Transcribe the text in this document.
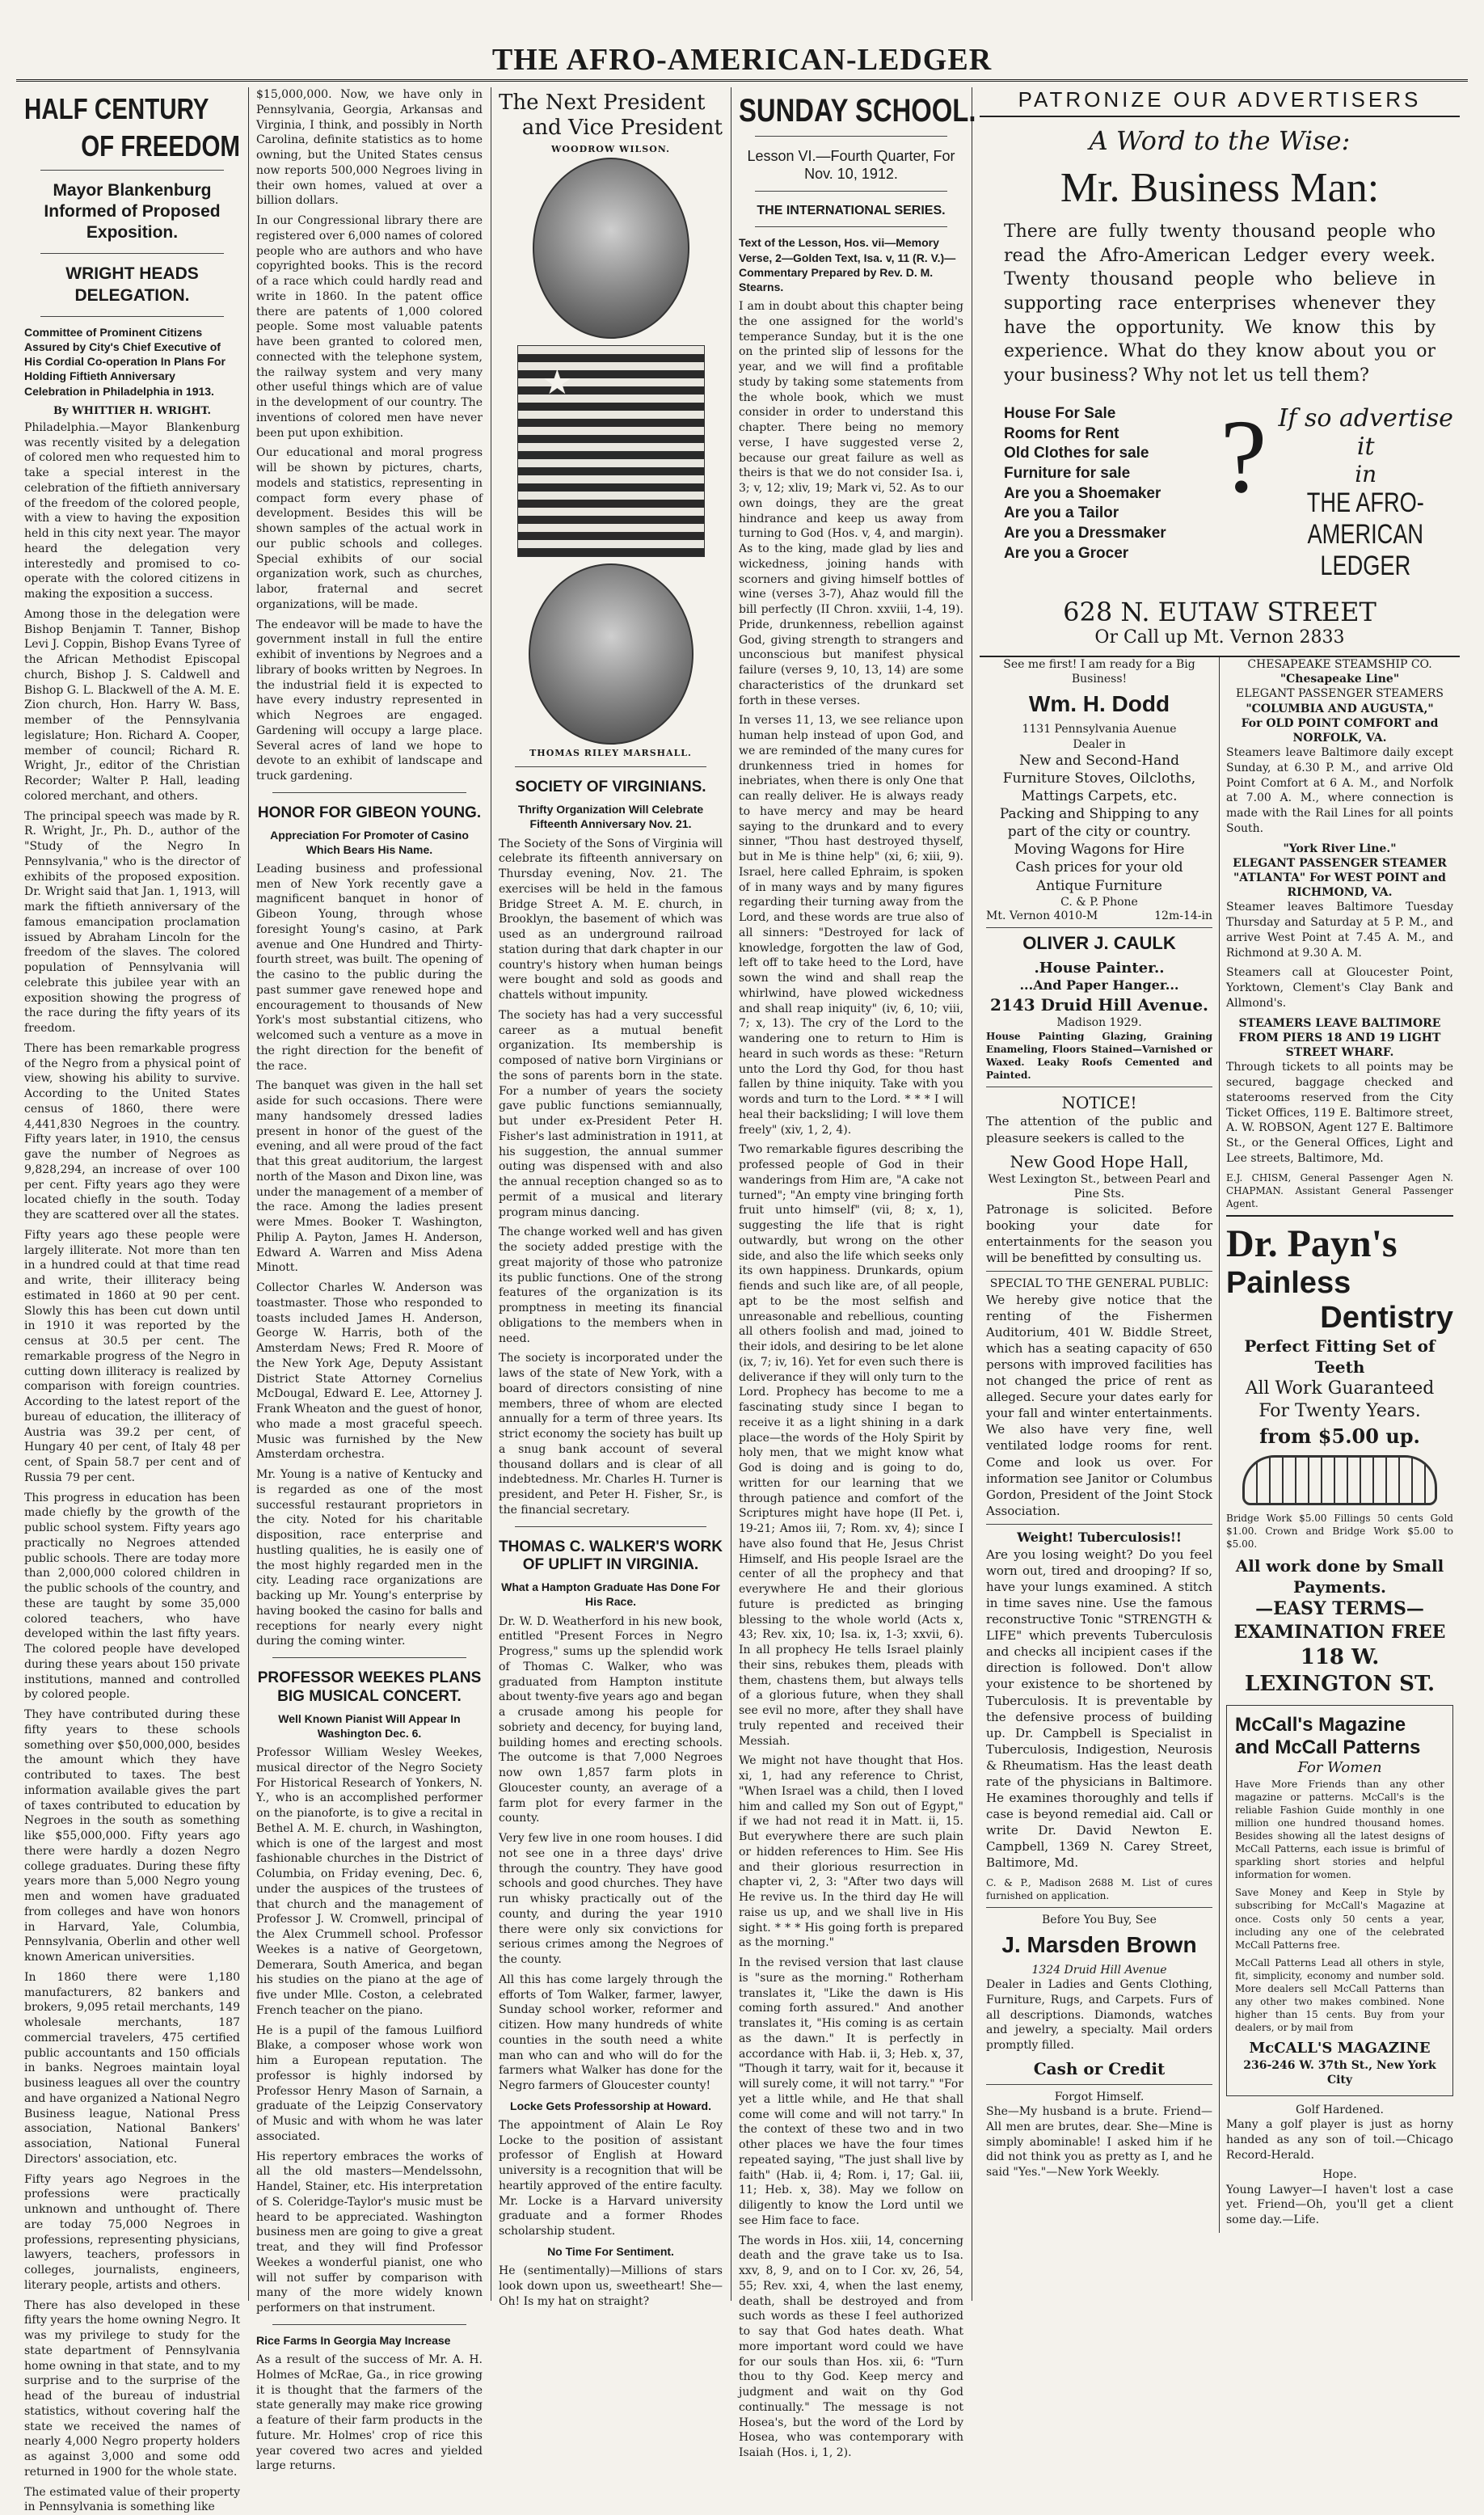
THE AFRO-AMERICAN-LEDGER
HALF CENTURY
OF FREEDOM
Mayor Blankenburg Informed of Proposed Exposition.
WRIGHT HEADS DELEGATION.
Committee of Prominent Citizens Assured by City's Chief Executive of His Cordial Co-operation In Plans For Holding Fiftieth Anniversary Celebration in Philadelphia in 1913.
By WHITTIER H. WRIGHT.

Philadelphia.—Mayor Blankenburg was recently visited by a delegation of colored men who requested him to take a special interest in the celebration of the fiftieth anniversary of the freedom of the colored people, with a view to having the exposition held in this city next year. The mayor heard the delegation very interestedly and promised to co-operate with the colored citizens in making the exposition a success.

Among those in the delegation were Bishop Benjamin T. Tanner, Bishop Levi J. Coppin, Bishop Evans Tyree of the African Methodist Episcopal church, Bishop J. S. Caldwell and Bishop G. L. Blackwell of the A. M. E. Zion church, Hon. Harry W. Bass, member of the Pennsylvania legislature; Hon. Richard A. Cooper, member of council; Richard R. Wright, Jr., editor of the Christian Recorder; Walter P. Hall, leading colored merchant, and others.

The principal speech was made by R. R. Wright, Jr., Ph. D., author of the "Study of the Negro In Pennsylvania," who is the director of exhibits of the proposed exposition. Dr. Wright said that Jan. 1, 1913, will mark the fiftieth anniversary of the famous emancipation proclamation issued by Abraham Lincoln for the freedom of the slaves. The colored population of Pennsylvania will celebrate this jubilee year with an exposition showing the progress of the race during the fifty years of its freedom.

There has been remarkable progress of the Negro from a physical point of view, showing his ability to survive. According to the United States census of 1860, there were 4,441,830 Negroes in the country. Fifty years later, in 1910, the census gave the number of Negroes as 9,828,294, an increase of over 100 per cent. Fifty years ago they were located chiefly in the south. Today they are scattered over all the states.

Fifty years ago these people were largely illiterate. Not more than ten in a hundred could at that time read and write, their illiteracy being estimated in 1860 at 90 per cent. Slowly this has been cut down until in 1910 it was reported by the census at 30.5 per cent. The remarkable progress of the Negro in cutting down illiteracy is realized by comparison with foreign countries. According to the latest report of the bureau of education, the illiteracy of Austria was 39.2 per cent, of Hungary 40 per cent, of Italy 48 per cent, of Spain 58.7 per cent and of Russia 79 per cent.

This progress in education has been made chiefly by the growth of the public school system. Fifty years ago practically no Negroes attended public schools. There are today more than 2,000,000 colored children in the public schools of the country, and these are taught by some 35,000 colored teachers, who have developed within the last fifty years. The colored people have developed during these years about 150 private institutions, manned and controlled by colored people.

They have contributed during these fifty years to these schools something over $50,000,000, besides the amount which they have contributed to taxes. The best information available gives the part of taxes contributed to education by Negroes in the south as something like $55,000,000. Fifty years ago there were hardly a dozen Negro college graduates. During these fifty years more than 5,000 Negro young men and women have graduated from colleges and have won honors in Harvard, Yale, Columbia, Pennsylvania, Oberlin and other well known American universities.

In 1860 there were 1,180 manufacturers, 82 bankers and brokers, 9,095 retail merchants, 149 wholesale merchants, 187 commercial travelers, 475 certified public accountants and 150 officials in banks. Negroes maintain loyal business leagues all over the country and have organized a National Negro Business league, National Press association, National Bankers' association, National Funeral Directors' association, etc.

Fifty years ago Negroes in the professions were practically unknown and unthought of. There are today 75,000 Negroes in professions, representing physicians, lawyers, teachers, professors in colleges, journalists, engineers, literary people, artists and others.

There has also developed in these fifty years the home owning Negro. It was my privilege to study for the state department of Pennsylvania home owning in that state, and to my surprise and to the surprise of the head of the bureau of industrial statistics, without covering half the state we received the names of nearly 4,000 Negro property holders as against 3,000 and some odd returned in 1900 for the whole state.

The estimated value of their property in Pennsylvania is something like

$15,000,000. Now, we have only in Pennsylvania, Georgia, Arkansas and Virginia, I think, and possibly in North Carolina, definite statistics as to home owning, but the United States census now reports 500,000 Negroes living in their own homes, valued at over a billion dollars.

In our Congressional library there are registered over 6,000 names of colored people who are authors and who have copyrighted books. This is the record of a race which could hardly read and write in 1860. In the patent office there are patents of 1,000 colored people. Some most valuable patents have been granted to colored men, connected with the telephone system, the railway system and very many other useful things which are of value in the development of our country. The inventions of colored men have never been put upon exhibition.

Our educational and moral progress will be shown by pictures, charts, models and statistics, representing in compact form every phase of development. Besides this will be shown samples of the actual work in our public schools and colleges. Special exhibits of our social organization work, such as churches, labor, fraternal and secret organizations, will be made.

The endeavor will be made to have the government install in full the entire exhibit of inventions by Negroes and a library of books written by Negroes. In the industrial field it is expected to have every industry represented in which Negroes are engaged. Gardening will occupy a large place. Several acres of land we hope to devote to an exhibit of landscape and truck gardening.

HONOR FOR GIBEON YOUNG.
Appreciation For Promoter of Casino Which Bears His Name.

Leading business and professional men of New York recently gave a magnificent banquet in honor of Gibeon Young, through whose foresight Young's casino, at Park avenue and One Hundred and Thirty-fourth street, was built. The opening of the casino to the public during the past summer gave renewed hope and encouragement to thousands of New York's most substantial citizens, who welcomed such a venture as a move in the right direction for the benefit of the race.

The banquet was given in the hall set aside for such occasions. There were many handsomely dressed ladies present in honor of the guest of the evening, and all were proud of the fact that this great auditorium, the largest north of the Mason and Dixon line, was under the management of a member of the race. Among the ladies present were Mmes. Booker T. Washington, Philip A. Payton, James H. Anderson, Edward A. Warren and Miss Adena Minott.

Collector Charles W. Anderson was toastmaster. Those who responded to toasts included James H. Anderson, George W. Harris, both of the Amsterdam News; Fred R. Moore of the New York Age, Deputy Assistant District State Attorney Cornelius McDougal, Edward E. Lee, Attorney J. Frank Wheaton and the guest of honor, who made a most graceful speech. Music was furnished by the New Amsterdam orchestra.

Mr. Young is a native of Kentucky and is regarded as one of the most successful restaurant proprietors in the city. Noted for his charitable disposition, race enterprise and hustling qualities, he is easily one of the most highly regarded men in the city. Leading race organizations are backing up Mr. Young's enterprise by having booked the casino for balls and receptions for nearly every night during the coming winter.

PROFESSOR WEEKES PLANS BIG MUSICAL CONCERT.
Well Known Pianist Will Appear In Washington Dec. 6.

Professor William Wesley Weekes, musical director of the Negro Society For Historical Research of Yonkers, N. Y., who is an accomplished performer on the pianoforte, is to give a recital in Bethel A. M. E. church, in Washington, which is one of the largest and most fashionable churches in the District of Columbia, on Friday evening, Dec. 6, under the auspices of the trustees of that church and the management of Professor J. W. Cromwell, principal of the Alex Crummell school. Professor Weekes is a native of Georgetown, Demerara, South America, and began his studies on the piano at the age of five under Mlle. Coston, a celebrated French teacher on the piano.

He is a pupil of the famous Luilfiord Blake, a composer whose work won him a European reputation. The professor is highly indorsed by Professor Henry Mason of Sarnain, a graduate of the Leipzig Conservatory of Music and with whom he was later associated.

His repertory embraces the works of all the old masters—Mendelssohn, Handel, Stainer, etc. His interpretation of S. Coleridge-Taylor's music must be heard to be appreciated. Washington business men are going to give a great treat, and they will find Professor Weekes a wonderful pianist, one who will not suffer by comparison with many of the more widely known performers on that instrument.

Rice Farms In Georgia May Increase

As a result of the success of Mr. A. H. Holmes of McRae, Ga., in rice growing it is thought that the farmers of the state generally may make rice growing a feature of their farm products in the future. Mr. Holmes' crop of rice this year covered two acres and yielded large returns.

The Next President
and Vice President
WOODROW WILSON.
★
THOMAS RILEY MARSHALL.
SOCIETY OF VIRGINIANS.
Thrifty Organization Will Celebrate Fifteenth Anniversary Nov. 21.

The Society of the Sons of Virginia will celebrate its fifteenth anniversary on Thursday evening, Nov. 21. The exercises will be held in the famous Bridge Street A. M. E. church, in Brooklyn, the basement of which was used as an underground railroad station during that dark chapter in our country's history when human beings were bought and sold as goods and chattels without impunity.

The society has had a very successful career as a mutual benefit organization. Its membership is composed of native born Virginians or the sons of parents born in the state. For a number of years the society gave public functions semiannually, but under ex-President Peter H. Fisher's last administration in 1911, at his suggestion, the annual summer outing was dispensed with and also the annual reception changed so as to permit of a musical and literary program minus dancing.

The change worked well and has given the society added prestige with the great majority of those who patronize its public functions. One of the strong features of the organization is its promptness in meeting its financial obligations to the members when in need.

The society is incorporated under the laws of the state of New York, with a board of directors consisting of nine members, three of whom are elected annually for a term of three years. Its strict economy the society has built up a snug bank account of several thousand dollars and is clear of all indebtedness. Mr. Charles H. Turner is president, and Peter H. Fisher, Sr., is the financial secretary.

THOMAS C. WALKER'S WORK OF UPLIFT IN VIRGINIA.
What a Hampton Graduate Has Done For His Race.

Dr. W. D. Weatherford in his new book, entitled "Present Forces in Negro Progress," sums up the splendid work of Thomas C. Walker, who was graduated from Hampton institute about twenty-five years ago and began a crusade among his people for sobriety and decency, for buying land, building homes and erecting schools. The outcome is that 7,000 Negroes now own 1,857 farm plots in Gloucester county, an average of a farm plot for every farmer in the county.

Very few live in one room houses. I did not see one in a three days' drive through the country. They have good schools and good churches. They have run whisky practically out of the county, and during the year 1910 there were only six convictions for serious crimes among the Negroes of the county.

All this has come largely through the efforts of Tom Walker, farmer, lawyer, Sunday school worker, reformer and citizen. How many hundreds of white counties in the south need a white man who can and who will do for the farmers what Walker has done for the Negro farmers of Gloucester county!

Locke Gets Professorship at Howard.

The appointment of Alain Le Roy Locke to the position of assistant professor of English at Howard university is a recognition that will be heartily approved of the entire faculty. Mr. Locke is a Harvard university graduate and a former Rhodes scholarship student.

No Time For Sentiment.

He (sentimentally)—Millions of stars look down upon us, sweetheart! She—Oh! Is my hat on straight?

SUNDAY SCHOOL.
Lesson VI.—Fourth Quarter, For Nov. 10, 1912.
THE INTERNATIONAL SERIES.
Text of the Lesson, Hos. vii—Memory Verse, 2—Golden Text, Isa. v, 11 (R. V.)—Commentary Prepared by Rev. D. M. Stearns.

I am in doubt about this chapter being the one assigned for the world's temperance Sunday, but it is the one on the printed slip of lessons for the year, and we will find a profitable study by taking some statements from the whole book, which we must consider in order to understand this chapter. There being no memory verse, I have suggested verse 2, because our great failure as well as theirs is that we do not consider Isa. i, 3; v, 12; xliv, 19; Mark vi, 52. As to our own doings, they are the great hindrance and keep us away from turning to God (Hos. v, 4, and margin). As to the king, made glad by lies and wickedness, joining hands with scorners and giving himself bottles of wine (verses 3-7), Ahaz would fill the bill perfectly (II Chron. xxviii, 1-4, 19). Pride, drunkenness, rebellion against God, giving strength to strangers and unconscious but manifest physical failure (verses 9, 10, 13, 14) are some characteristics of the drunkard set forth in these verses.

In verses 11, 13, we see reliance upon human help instead of upon God, and we are reminded of the many cures for drunkenness tried in homes for inebriates, when there is only One that can really deliver. He is always ready to have mercy and may be heard saying to the drunkard and to every sinner, "Thou hast destroyed thyself, but in Me is thine help" (xi, 6; xiii, 9). Israel, here called Ephraim, is spoken of in many ways and by many figures regarding their turning away from the Lord, and these words are true also of all sinners: "Destroyed for lack of knowledge, forgotten the law of God, left off to take heed to the Lord, have sown the wind and shall reap the whirlwind, have plowed wickedness and shall reap iniquity" (iv, 6, 10; viii, 7; x, 13). The cry of the Lord to the wandering one to return to Him is heard in such words as these: "Return unto the Lord thy God, for thou hast fallen by thine iniquity. Take with you words and turn to the Lord. * * * I will heal their backsliding; I will love them freely" (xiv, 1, 2, 4).

Two remarkable figures describing the professed people of God in their wanderings from Him are, "A cake not turned"; "An empty vine bringing forth fruit unto himself" (vii, 8; x, 1), suggesting the life that is right outwardly, but wrong on the other side, and also the life which seeks only its own happiness. Drunkards, opium fiends and such like are, of all people, apt to be the most selfish and unreasonable and rebellious, counting all others foolish and mad, joined to their idols, and desiring to be let alone (ix, 7; iv, 16). Yet for even such there is deliverance if they will only turn to the Lord. Prophecy has become to me a fascinating study since I began to receive it as a light shining in a dark place—the words of the Holy Spirit by holy men, that we might know what God is doing and is going to do, written for our learning that we through patience and comfort of the Scriptures might have hope (II Pet. i, 19-21; Amos iii, 7; Rom. xv, 4); since I have also found that He, Jesus Christ Himself, and His people Israel are the center of all the prophecy and that everywhere He and their glorious future is predicted as bringing blessing to the whole world (Acts x, 43; Rev. xix, 10; Isa. ix, 1-3; xxvii, 6). In all prophecy He tells Israel plainly their sins, rebukes them, pleads with them, chastens them, but always tells of a glorious future, when they shall see evil no more, after they shall have truly repented and received their Messiah.

We might not have thought that Hos. xi, 1, had any reference to Christ, "When Israel was a child, then I loved him and called my Son out of Egypt," if we had not read it in Matt. ii, 15. But everywhere there are such plain or hidden references to Him. See His and their glorious resurrection in chapter vi, 2, 3: "After two days will He revive us. In the third day He will raise us up, and we shall live in His sight. * * * His going forth is prepared as the morning."

In the revised version that last clause is "sure as the morning." Rotherham translates it, "Like the dawn is His coming forth assured." And another translates it, "His coming is as certain as the dawn." It is perfectly in accordance with Hab. ii, 3; Heb. x, 37, "Though it tarry, wait for it, because it will surely come, it will not tarry." "For yet a little while, and He that shall come will come and will not tarry." In the context of these two and in two other places we have the four times repeated saying, "The just shall live by faith" (Hab. ii, 4; Rom. i, 17; Gal. iii, 11; Heb. x, 38). May we follow on diligently to know the Lord until we see Him face to face.

The words in Hos. xiii, 14, concerning death and the grave take us to Isa. xxv, 8, 9, and on to I Cor. xv, 26, 54, 55; Rev. xxi, 4, when the last enemy, death, shall be destroyed and from such words as these I feel authorized to say that God hates death. What more important word could we have for our souls than Hos. xii, 6: "Turn thou to thy God. Keep mercy and judgment and wait on thy God continually." The message is not Hosea's, but the word of the Lord by Hosea, who was contemporary with Isaiah (Hos. i, 1, 2).

PATRONIZE OUR ADVERTISERS
A Word to the Wise:
Mr. Business Man:
There are fully twenty thousand people who read the Afro-American Ledger every week. Twenty thousand people who believe in supporting race enterprises whenever they have the opportunity. We know this by experience. What do they know about you or your business? Why not let us tell them?
House For Sale
Rooms for Rent
Old Clothes for sale
Furniture for sale
Are you a Shoemaker
Are you a Tailor
Are you a Dressmaker
Are you a Grocer
? If so advertise it
in
THE AFRO-AMERICAN LEDGER
628 N. EUTAW STREET
Or Call up Mt. Vernon 2833
See me first! I am ready for a Big Business!
Wm. H. Dodd
1131 Pennsylvania Auenue
Dealer in
New and Second-Hand Furniture Stoves, Oilcloths, Mattings Carpets, etc.
Packing and Shipping to any part of the city or country.
Moving Wagons for Hire
Cash prices for your old Antique Furniture
C. & P. Phone
Mt. Vernon 4010-M	12m-14-in
OLIVER J. CAULK
.House Painter..
...And Paper Hanger...
2143 Druid Hill Avenue.
Madison 1929.
House Painting Glazing, Graining Enameling, Floors Stained—Varnished or Waxed. Leaky Roofs Cemented and Painted.
NOTICE!
The attention of the public and pleasure seekers is called to the
New Good Hope Hall,
West Lexington St., between Pearl and Pine Sts.
Patronage is solicited. Before booking your date for entertainments for the season you will be benefitted by consulting us.
SPECIAL TO THE GENERAL PUBLIC:
We hereby give notice that the renting of the Fishermen Auditorium, 401 W. Biddle Street, which has a seating capacity of 650 persons with improved facilities has not changed the price of rent as alleged. Secure your dates early for your fall and winter entertainments. We also have very fine, well ventilated lodge rooms for rent. Come and look us over. For information see Janitor or Columbus Gordon, President of the Joint Stock Association.
Weight! Tuberculosis!!
Are you losing weight? Do you feel worn out, tired and drooping? If so, have your lungs examined. A stitch in time saves nine. Use the famous reconstructive Tonic "STRENGTH & LIFE" which prevents Tuberculosis and checks all incipient cases if the direction is followed. Don't allow your existence to be shortened by Tuberculosis. It is preventable by the defensive process of building up. Dr. Campbell is Specialist in Tuberculosis, Indigestion, Neurosis & Rheumatism. Has the least death rate of the physicians in Baltimore. He examines thoroughly and tells if case is beyond remedial aid. Call or write Dr. David Newton E. Campbell, 1369 N. Carey Street, Baltimore, Md.
C. & P., Madison 2688 M. List of cures furnished on application.
Before You Buy, See
J. Marsden Brown
1324 Druid Hill Avenue
Dealer in Ladies and Gents Clothing, Furniture, Rugs, and Carpets. Furs of all descriptions. Diamonds, watches and jewelry, a specialty. Mail orders promptly filled.
Cash or Credit
Forgot Himself.
She—My husband is a brute. Friend—All men are brutes, dear. She—Mine is simply abominable! I asked him if he did not think you as pretty as I, and he said "Yes."—New York Weekly.
CHESAPEAKE STEAMSHIP CO.
"Chesapeake Line"
ELEGANT PASSENGER STEAMERS
"COLUMBIA AND AUGUSTA,"
For OLD POINT COMFORT and NORFOLK, VA.
Steamers leave Baltimore daily except Sunday, at 6.30 P. M., and arrive Old Point Comfort at 6 A. M., and Norfolk at 7.00 A. M., where connection is made with the Rail Lines for all points South.
"York River Line."
ELEGANT PASSENGER STEAMER "ATLANTA" For WEST POINT and RICHMOND, VA.
Steamer leaves Baltimore Tuesday Thursday and Saturday at 5 P. M., and arrive West Point at 7.45 A. M., and Richmond at 9.30 A. M.
Steamers call at Gloucester Point, Yorktown, Clement's Clay Bank and Allmond's.
STEAMERS LEAVE BALTIMORE FROM PIERS 18 AND 19 LIGHT STREET WHARF.
Through tickets to all points may be secured, baggage checked and staterooms reserved from the City Ticket Offices, 119 E. Baltimore street, A. W. ROBSON, Agent 127 E. Baltimore St., or the General Offices, Light and Lee streets, Baltimore, Md.
E.J. CHISM, General Passenger Agen N. CHAPMAN. Assistant General Passenger Agent.
Dr. Payn's
Painless
Dentistry
Perfect Fitting Set of Teeth
All Work Guaranteed
For Twenty Years.
from $5.00 up.
Bridge Work $5.00 Fillings 50 cents Gold $1.00. Crown and Bridge Work $5.00 to $5.00.
All work done by Small Payments.
—EASY TERMS—
EXAMINATION FREE
118 W. LEXINGTON ST.
McCall's Magazine and McCall Patterns
For Women
Have More Friends than any other magazine or patterns. McCall's is the reliable Fashion Guide monthly in one million one hundred thousand homes. Besides showing all the latest designs of McCall Patterns, each issue is brimful of sparkling short stories and helpful information for women.
Save Money and Keep in Style by subscribing for McCall's Magazine at once. Costs only 50 cents a year, including any one of the celebrated McCall Patterns free.
McCall Patterns Lead all others in style, fit, simplicity, economy and number sold. More dealers sell McCall Patterns than any other two makes combined. None higher than 15 cents. Buy from your dealers, or by mail from
McCALL'S MAGAZINE
236-246 W. 37th St., New York City
Golf Hardened.
Many a golf player is just as horny handed as any son of toil.—Chicago Record-Herald.
Hope.
Young Lawyer—I haven't lost a case yet. Friend—Oh, you'll get a client some day.—Life.
